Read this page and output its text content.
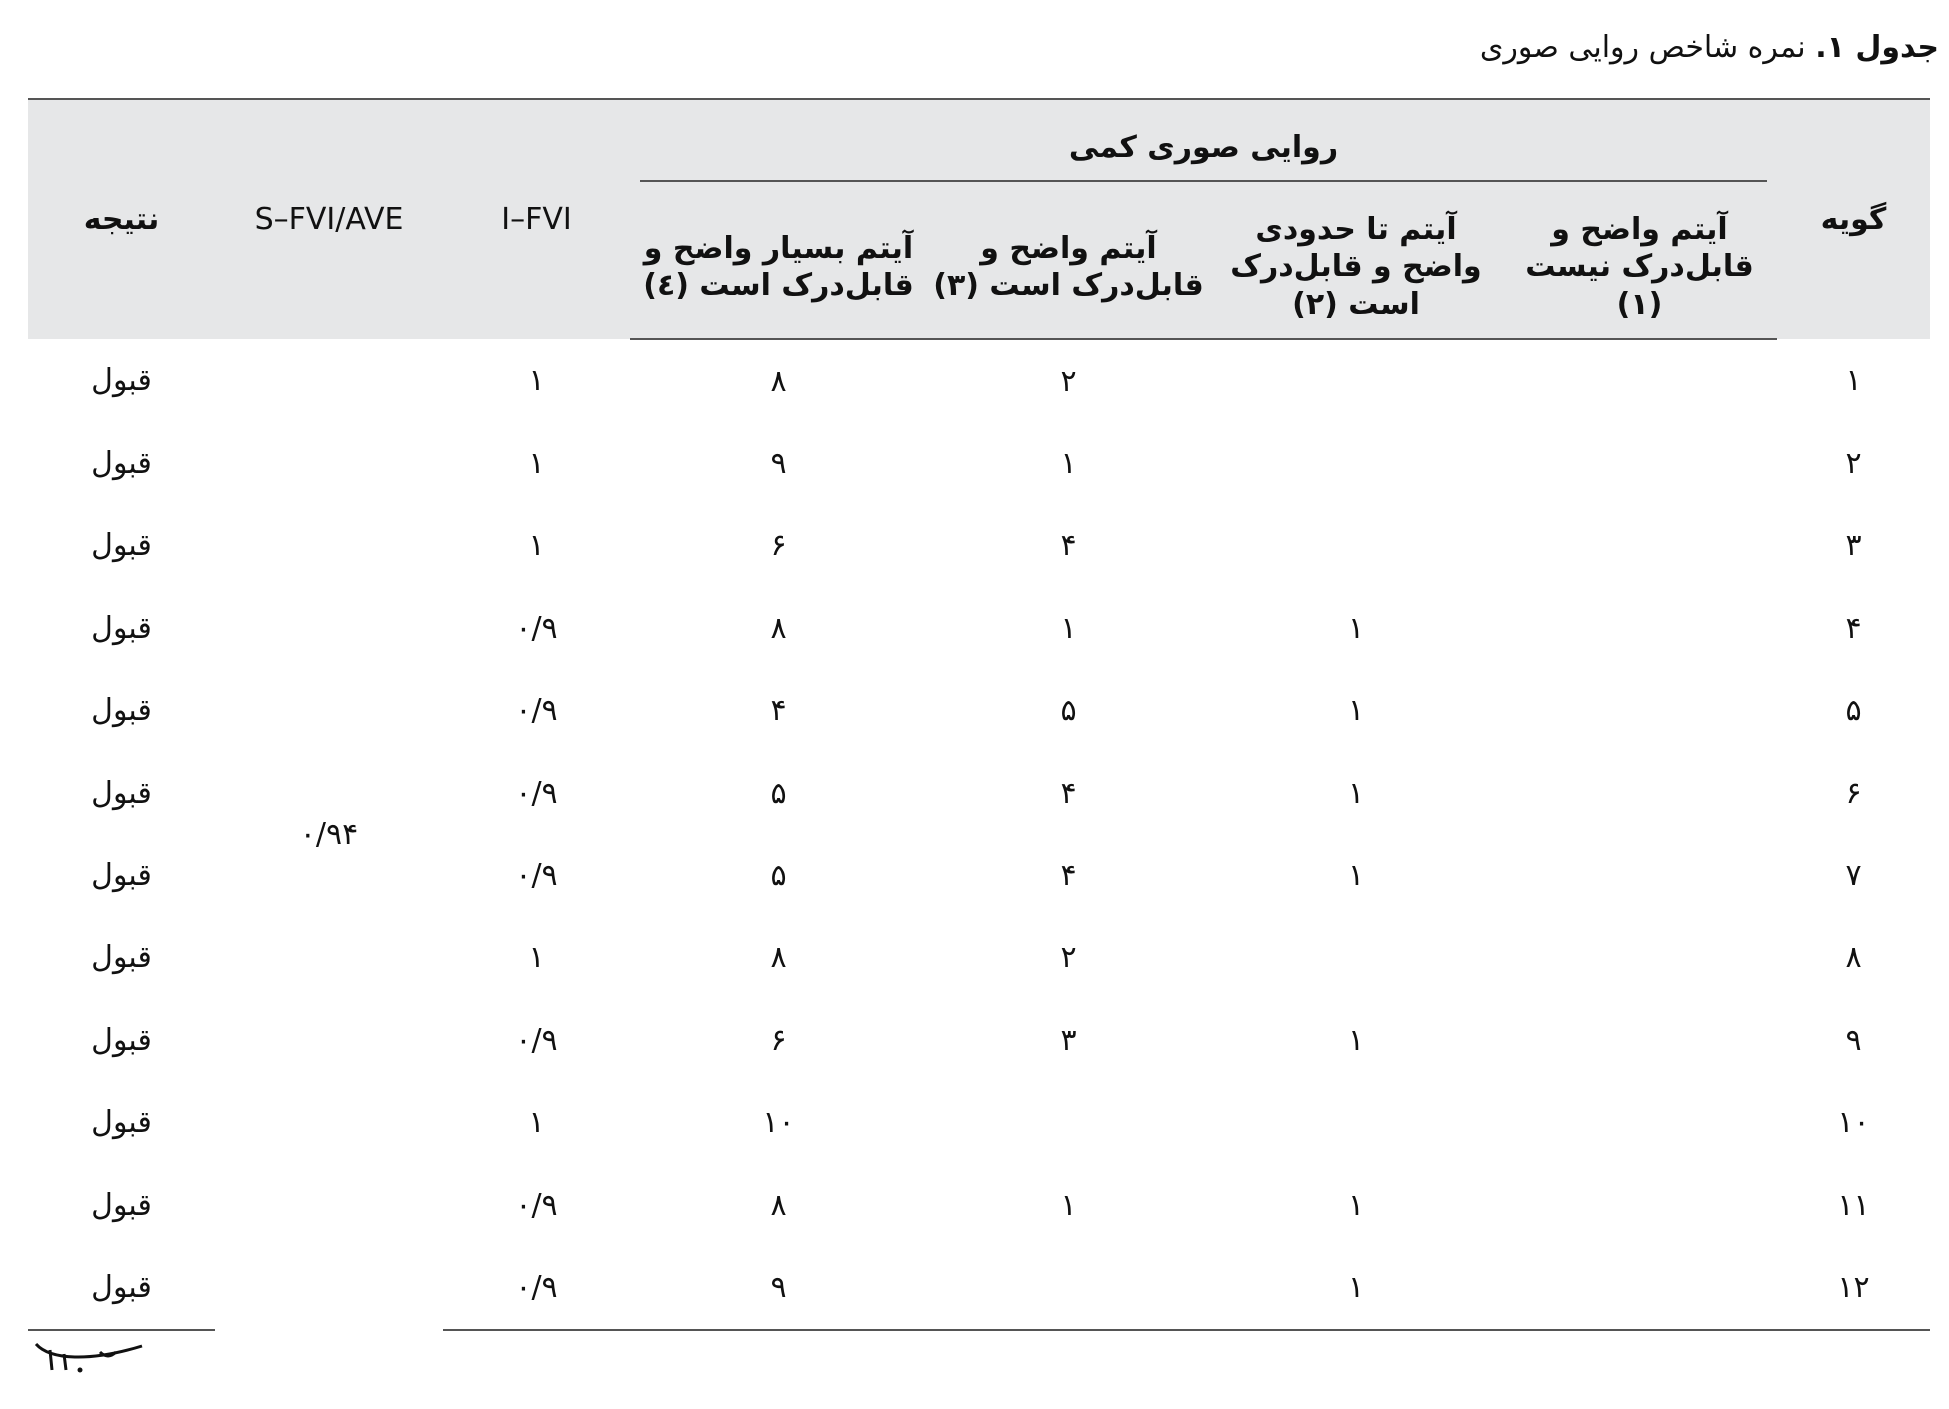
جدول ۱. نمره شاخص روایی صوری
گویه	روایی صوری کمی				I–FVI	S–FVI/AVE	نتیجه
	آیتم واضح و قابل‌درک نیست (۱)	آیتم تا حدودی واضح و قابل‌درک است (۲)	آیتم واضح و قابل‌درک است (۳)	آیتم بسیار واضح و قابل‌درک است (٤)			
۱			۲	۸	۱	۰/۹۴	قبول
۲			۱	۹	۱		قبول
۳			۴	۶	۱		قبول
۴		۱	۱	۸	۰/۹		قبول
۵		۱	۵	۴	۰/۹		قبول
۶		۱	۴	۵	۰/۹		قبول
۷		۱	۴	۵	۰/۹		قبول
۸			۲	۸	۱		قبول
۹		۱	۳	۶	۰/۹		قبول
۱۰				۱۰	۱		قبول
۱۱		۱	۱	۸	۰/۹		قبول
۱۲		۱		۹	۰/۹		قبول
